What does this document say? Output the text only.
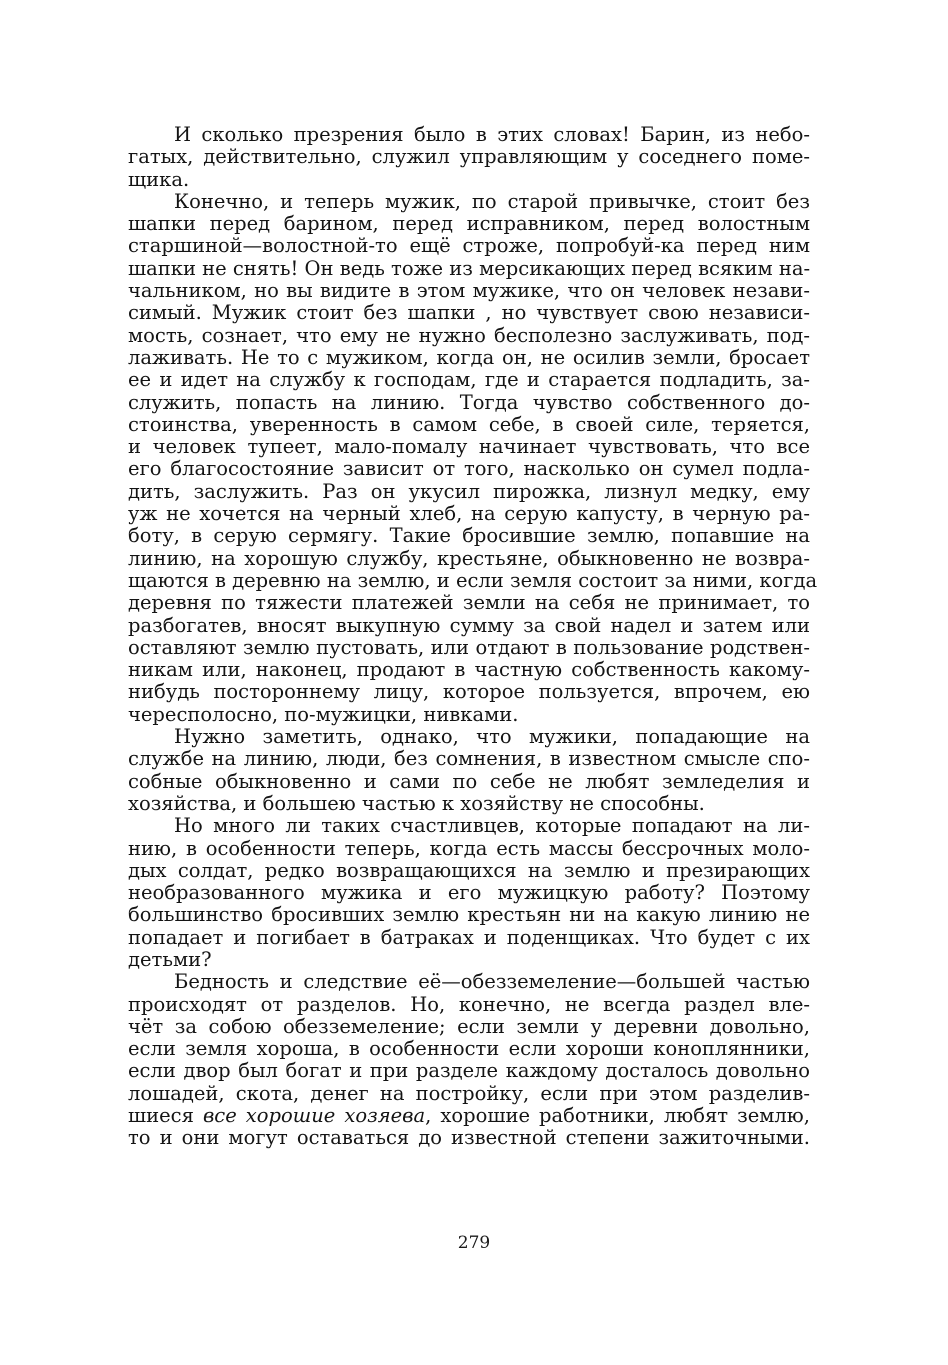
И сколько презрения было в этих словах! Барин, из небо-
гатых, действительно, служил управляющим у соседнего поме-
щика.
Конечно, и теперь мужик, по старой привычке, стоит без
шапки перед барином, перед исправником, перед волостным
старшиной—волостной-то ещё строже, попробуй-ка перед ним
шапки не снять! Он ведь тоже из мерсикающих перед всяким на-
чальником, но вы видите в этом мужике, что он человек незави-
симый. Мужик стоит без шапки , но чувствует свою независи-
мость, сознает, что ему не нужно бесполезно заслуживать, под-
лаживать. Не то с мужиком, когда он, не осилив земли, бросает
ее и идет на службу к господам, где и старается подладить, за-
служить, попасть на линию. Тогда чувство собственного до-
стоинства, уверенность в самом себе, в своей силе, теряется,
и человек тупеет, мало-помалу начинает чувствовать, что все
его благосостояние зависит от того, насколько он сумел подла-
дить, заслужить. Раз он укусил пирожка, лизнул медку, ему
уж не хочется на черный хлеб, на серую капусту, в черную ра-
боту, в серую сермягу. Такие бросившие землю, попавшие на
линию, на хорошую службу, крестьяне, обыкновенно не возвра-
щаются в деревню на землю, и если земля состоит за ними, когда
деревня по тяжести платежей земли на себя не принимает, то
разбогатев, вносят выкупную сумму за свой надел и затем или
оставляют землю пустовать, или отдают в пользование родствен-
никам или, наконец, продают в частную собственность какому-
нибудь постороннему лицу, которое пользуется, впрочем, ею
чересполосно, по-мужицки, нивками.
Нужно заметить, однако, что мужики, попадающие на
службе на линию, люди, без сомнения, в известном смысле спо-
собные обыкновенно и сами по себе не любят земледелия и
хозяйства, и большею частью к хозяйству не способны.
Но много ли таких счастливцев, которые попадают на ли-
нию, в особенности теперь, когда есть массы бессрочных моло-
дых солдат, редко возвращающихся на землю и презирающих
необразованного мужика и его мужицкую работу? Поэтому
большинство бросивших землю крестьян ни на какую линию не
попадает и погибает в батраках и поденщиках. Что будет с их
детьми?
Бедность и следствие её—обезземеление—большей частью
происходят от разделов. Но, конечно, не всегда раздел вле-
чёт за собою обезземеление; если земли у деревни довольно,
если земля хороша, в особенности если хороши коноплянники,
если двор был богат и при разделе каждому досталось довольно
лошадей, скота, денег на постройку, если при этом разделив-
шиеся все хорошие хозяева, хорошие работники, любят землю,
то и они могут оставаться до известной степени зажиточными.
279
